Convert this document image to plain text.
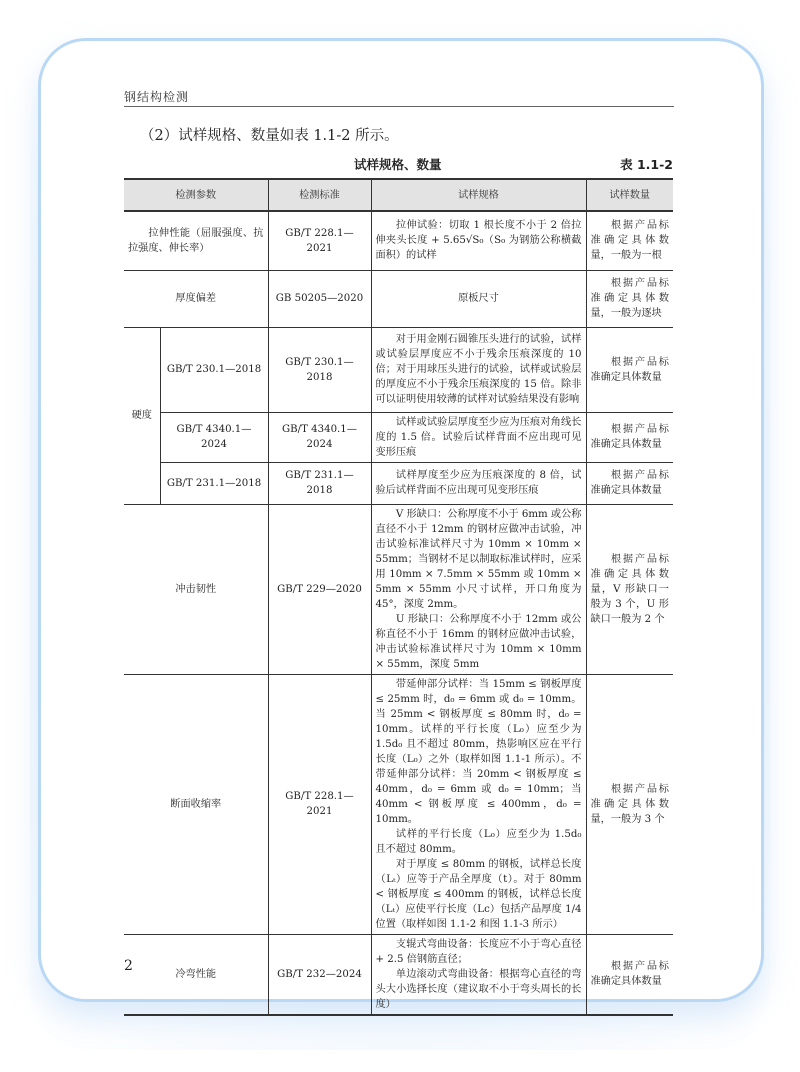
钢结构检测
（2）试样规格、数量如表 1.1-2 所示。
试样规格、数量	表 1.1-2
检测参数		检测标准	试样规格	试样数量
拉伸性能（屈服强度、抗拉强度、伸长率）		GB/T 228.1—2021	拉伸试验：切取 1 根长度不小于 2 倍拉伸夹头长度 + 5.65√S₀（S₀ 为钢筋公称横截面积）的试样	根据产品标准确定具体数量，一般为一根
厚度偏差		GB 50205—2020	原板尺寸	根据产品标准确定具体数量，一般为逐块
硬度	GB/T 230.1—2018	GB/T 230.1—2018	对于用金刚石圆锥压头进行的试验，试样或试验层厚度应不小于残余压痕深度的 10 倍；对于用球压头进行的试验，试样或试验层的厚度应不小于残余压痕深度的 15 倍。除非可以证明使用较薄的试样对试验结果没有影响	根据产品标准确定具体数量
	GB/T 4340.1—2024	GB/T 4340.1—2024	试样或试验层厚度至少应为压痕对角线长度的 1.5 倍。试验后试样背面不应出现可见变形压痕	根据产品标准确定具体数量
	GB/T 231.1—2018	GB/T 231.1—2018	试样厚度至少应为压痕深度的 8 倍，试验后试样背面不应出现可见变形压痕	根据产品标准确定具体数量
冲击韧性		GB/T 229—2020	V 形缺口：公称厚度不小于 6mm 或公称直径不小于 12mm 的钢材应做冲击试验，冲击试验标准试样尺寸为 10mm × 10mm × 55mm；当钢材不足以制取标准试样时，应采用 10mm × 7.5mm × 55mm 或 10mm × 5mm × 55mm 小尺寸试样，开口角度为 45°，深度 2mm。

U 形缺口：公称厚度不小于 12mm 或公称直径不小于 16mm 的钢材应做冲击试验，冲击试验标准试样尺寸为 10mm × 10mm × 55mm，深度 5mm	根据产品标准确定具体数量，V 形缺口一般为 3 个，U 形缺口一般为 2 个
断面收缩率		GB/T 228.1—2021	带延伸部分试样：当 15mm ≤ 钢板厚度 ≤ 25mm 时，d₀ = 6mm 或 d₀ = 10mm。当 25mm < 钢板厚度 ≤ 80mm 时，d₀ = 10mm。试样的平行长度（L₀）应至少为 1.5d₀ 且不超过 80mm，热影响区应在平行长度（L₀）之外（取样如图 1.1-1 所示）。不带延伸部分试样：当 20mm < 钢板厚度 ≤ 40mm，d₀ = 6mm 或 d₀ = 10mm；当 40mm < 钢板厚度 ≤ 400mm，d₀ = 10mm。

试样的平行长度（L₀）应至少为 1.5d₀ 且不超过 80mm。

对于厚度 ≤ 80mm 的钢板，试样总长度（Lₜ）应等于产品全厚度（t）。对于 80mm < 钢板厚度 ≤ 400mm 的钢板，试样总长度（Lₜ）应使平行长度（Lc）包括产品厚度 1/4 位置（取样如图 1.1-2 和图 1.1-3 所示）	根据产品标准确定具体数量，一般为 3 个
冷弯性能		GB/T 232—2024	支辊式弯曲设备：长度应不小于弯心直径 + 2.5 倍钢筋直径；

单边滚动式弯曲设备：根据弯心直径的弯头大小选择长度（建议取不小于弯头周长的长度）	根据产品标准确定具体数量
2
